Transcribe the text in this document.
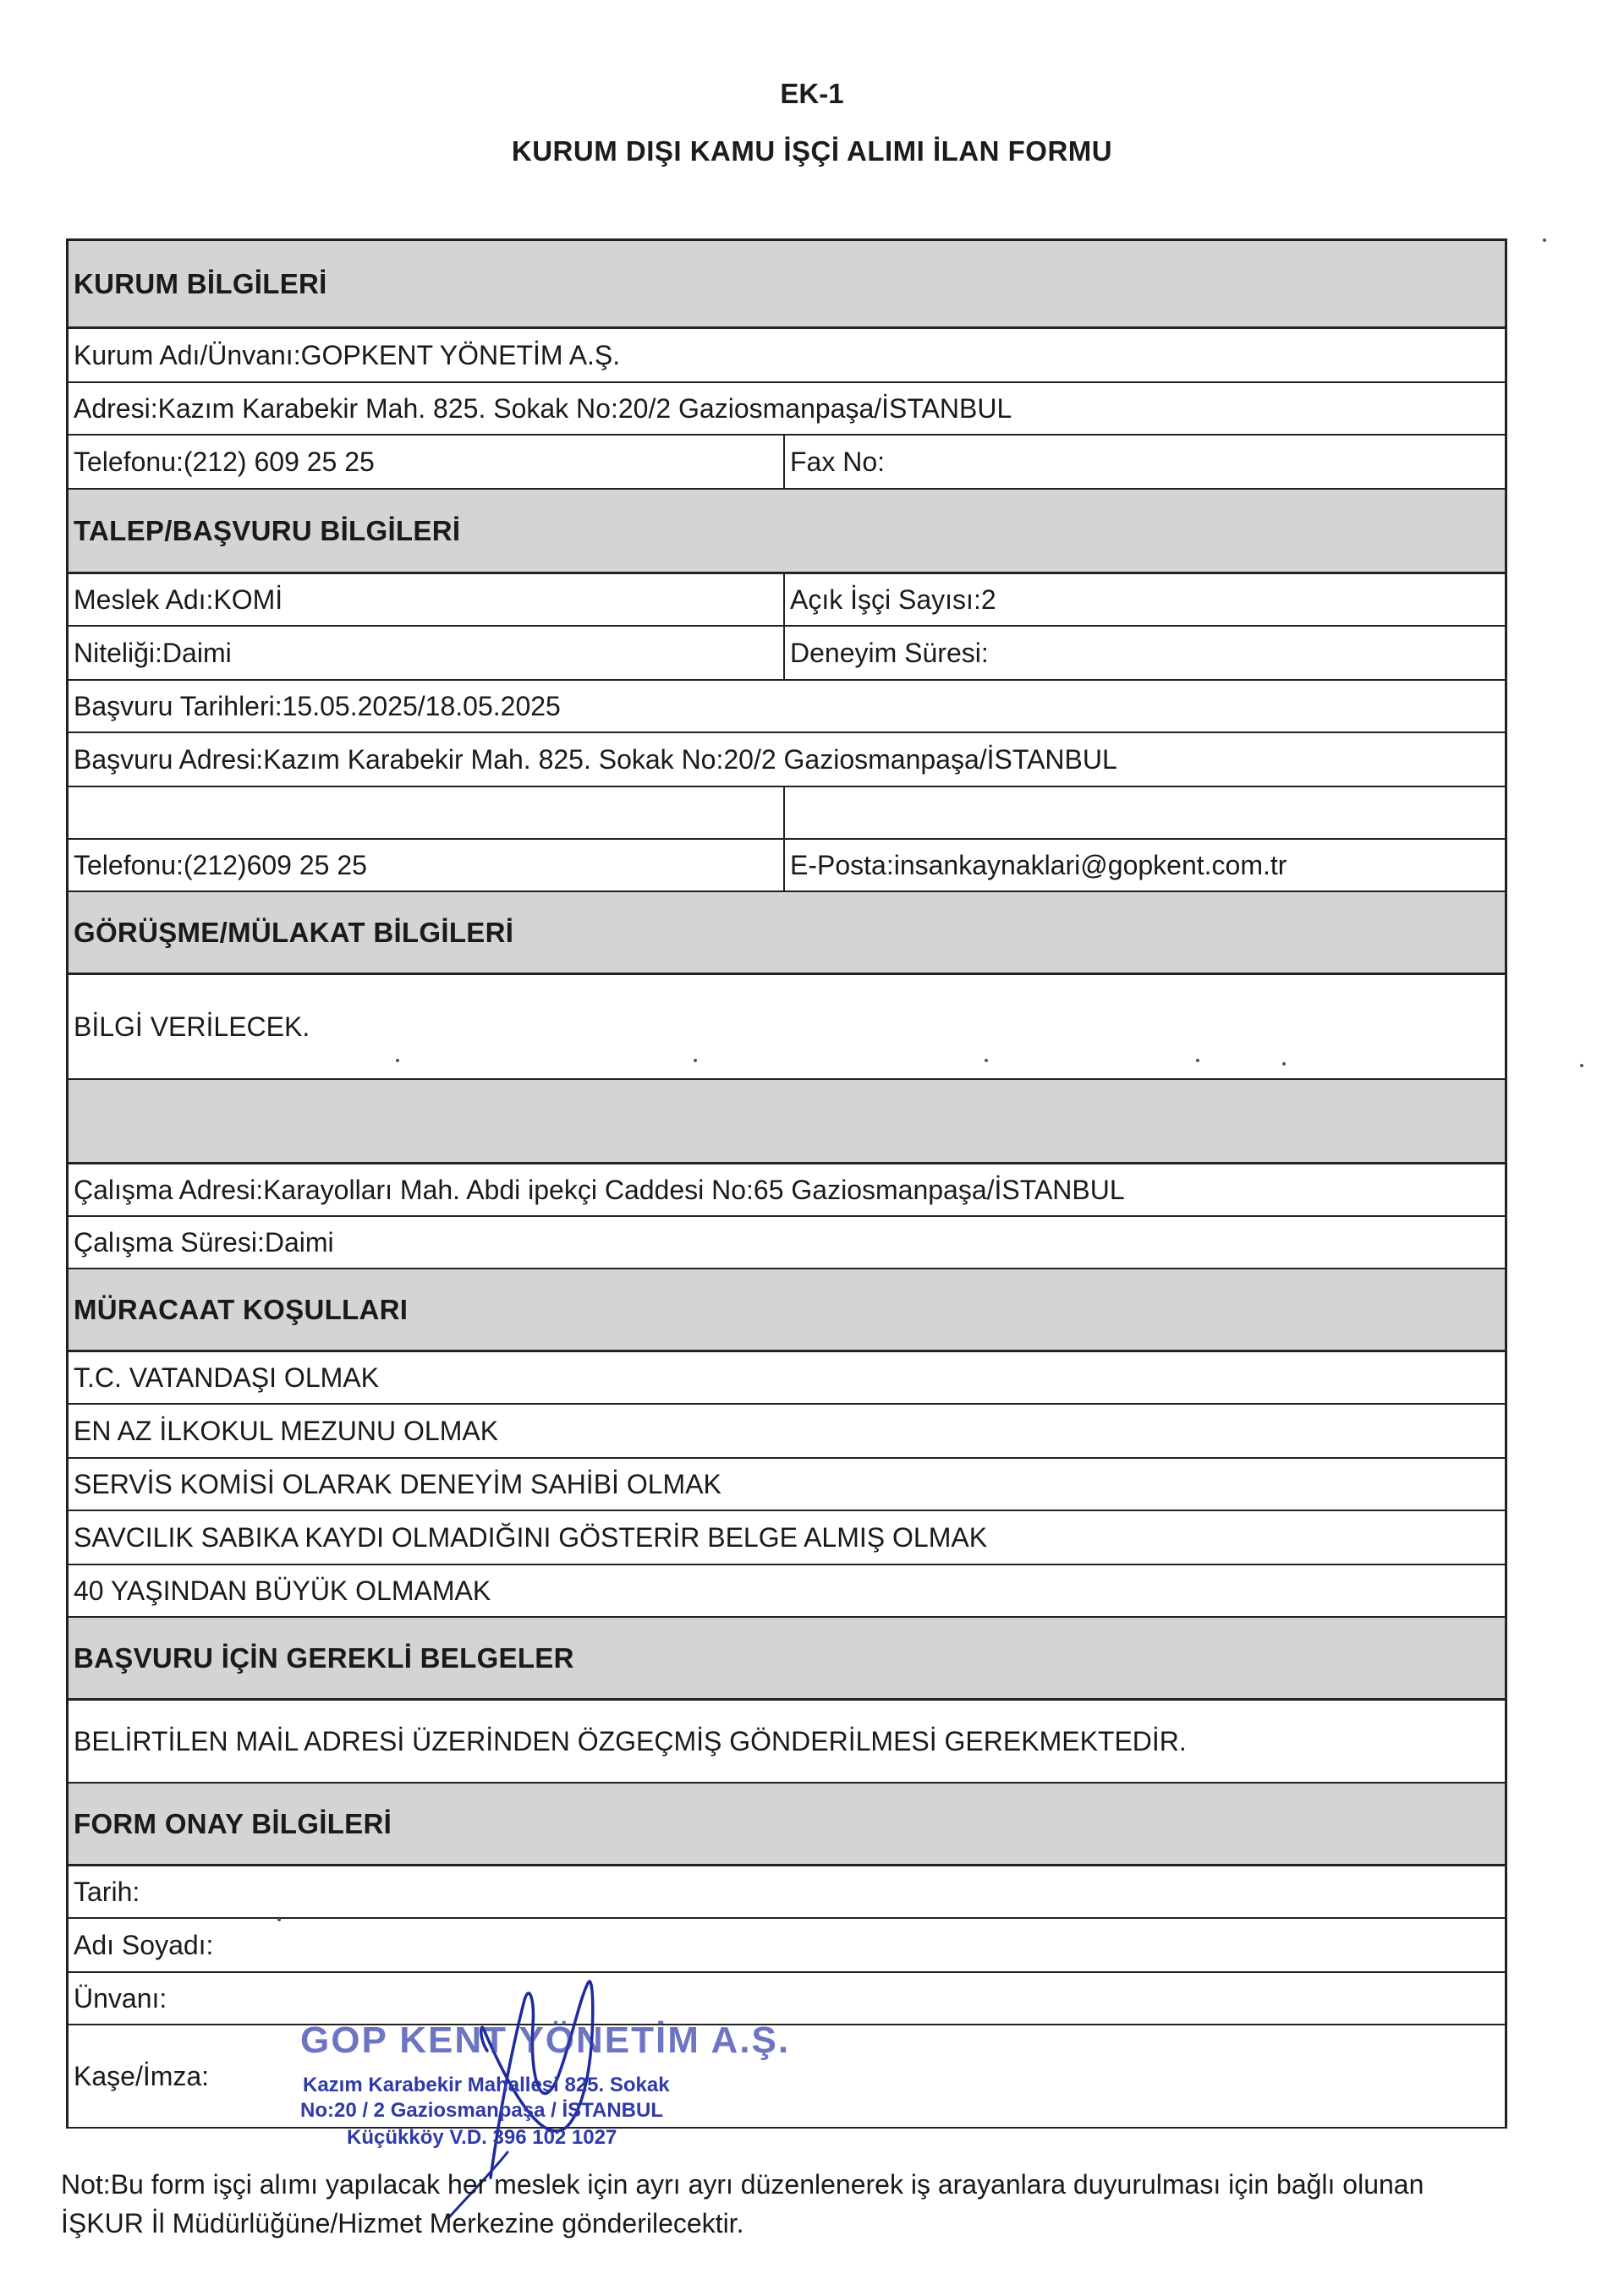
EK-1
KURUM DIŞI KAMU İŞÇİ ALIMI İLAN FORMU
KURUM BİLGİLERİ
Kurum Adı/Ünvanı:GOPKENT YÖNETİM A.Ş.
Adresi:Kazım Karabekir Mah. 825. Sokak No:20/2 Gaziosmanpaşa/İSTANBUL
Telefonu:(212) 609 25 25	Fax No:
TALEP/BAŞVURU BİLGİLERİ
Meslek Adı:KOMİ	Açık İşçi Sayısı:2
Niteliği:Daimi	Deneyim Süresi:
Başvuru Tarihleri:15.05.2025/18.05.2025
Başvuru Adresi:Kazım Karabekir Mah. 825. Sokak No:20/2 Gaziosmanpaşa/İSTANBUL
Telefonu:(212)609 25 25	E-Posta:insankaynaklari@gopkent.com.tr
GÖRÜŞME/MÜLAKAT BİLGİLERİ
BİLGİ VERİLECEK.
Çalışma Adresi:Karayolları Mah. Abdi ipekçi Caddesi No:65 Gaziosmanpaşa/İSTANBUL
Çalışma Süresi:Daimi
MÜRACAAT KOŞULLARI
T.C. VATANDAŞI OLMAK
EN AZ İLKOKUL MEZUNU OLMAK
SERVİS KOMİSİ OLARAK DENEYİM SAHİBİ OLMAK
SAVCILIK SABIKA KAYDI OLMADIĞINI GÖSTERİR BELGE ALMIŞ OLMAK
40 YAŞINDAN BÜYÜK OLMAMAK
BAŞVURU İÇİN GEREKLİ BELGELER
BELİRTİLEN MAİL ADRESİ ÜZERİNDEN ÖZGEÇMİŞ GÖNDERİLMESİ GEREKMEKTEDİR.
FORM ONAY BİLGİLERİ
Tarih:
Adı Soyadı:
Ünvanı:
Kaşe/İmza:
GOP KENT YÖNETİM A.Ş.
Kazım Karabekir Mahallesi 825. Sokak
No:20 / 2 Gaziosmanpaşa / İSTANBUL
Küçükköy V.D. 396 102 1027
Not:Bu form işçi alımı yapılacak her meslek için ayrı ayrı düzenlenerek iş arayanlara duyurulması için bağlı olunan İŞKUR İl Müdürlüğüne/Hizmet Merkezine gönderilecektir.
